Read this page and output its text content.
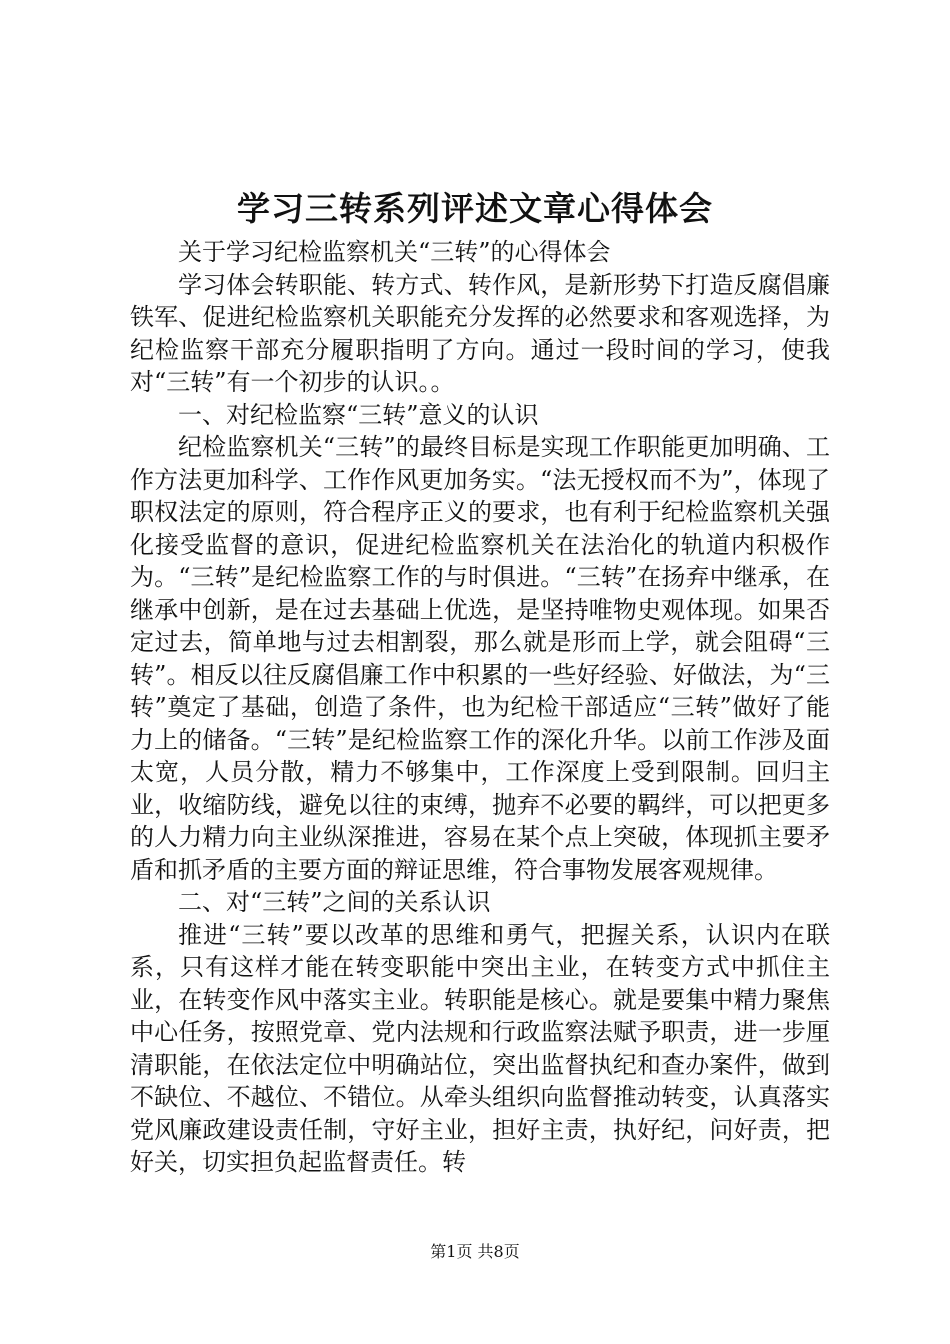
学习三转系列评述文章心得体会

关于学习纪检监察机关“三转”的心得体会

学习体会转职能、转方式、转作风，是新形势下打造反腐倡廉铁军、促进纪检监察机关职能充分发挥的必然要求和客观选择，为纪检监察干部充分履职指明了方向。通过一段时间的学习，使我对“三转”有一个初步的认识。。

一、对纪检监察“三转”意义的认识

纪检监察机关“三转”的最终目标是实现工作职能更加明确、工作方法更加科学、工作作风更加务实。“法无授权而不为”，体现了职权法定的原则，符合程序正义的要求，也有利于纪检监察机关强化接受监督的意识，促进纪检监察机关在法治化的轨道内积极作为。“三转”是纪检监察工作的与时俱进。“三转”在扬弃中继承，在继承中创新，是在过去基础上优选，是坚持唯物史观体现。如果否定过去，简单地与过去相割裂，那么就是形而上学，就会阻碍“三转”。相反以往反腐倡廉工作中积累的一些好经验、好做法，为“三转”奠定了基础，创造了条件，也为纪检干部适应“三转”做好了能力上的储备。“三转”是纪检监察工作的深化升华。以前工作涉及面太宽，人员分散，精力不够集中，工作深度上受到限制。回归主业，收缩防线，避免以往的束缚，抛弃不必要的羁绊，可以把更多的人力精力向主业纵深推进，容易在某个点上突破，体现抓主要矛盾和抓矛盾的主要方面的辩证思维，符合事物发展客观规律。

二、对“三转”之间的关系认识

推进“三转”要以改革的思维和勇气，把握关系，认识内在联系，只有这样才能在转变职能中突出主业，在转变方式中抓住主业，在转变作风中落实主业。转职能是核心。就是要集中精力聚焦中心任务，按照党章、党内法规和行政监察法赋予职责，进一步厘清职能，在依法定位中明确站位，突出监督执纪和查办案件，做到不缺位、不越位、不错位。从牵头组织向监督推动转变，认真落实党风廉政建设责任制，守好主业，担好主责，执好纪，问好责，把好关，切实担负起监督责任。转

第1页 共8页
